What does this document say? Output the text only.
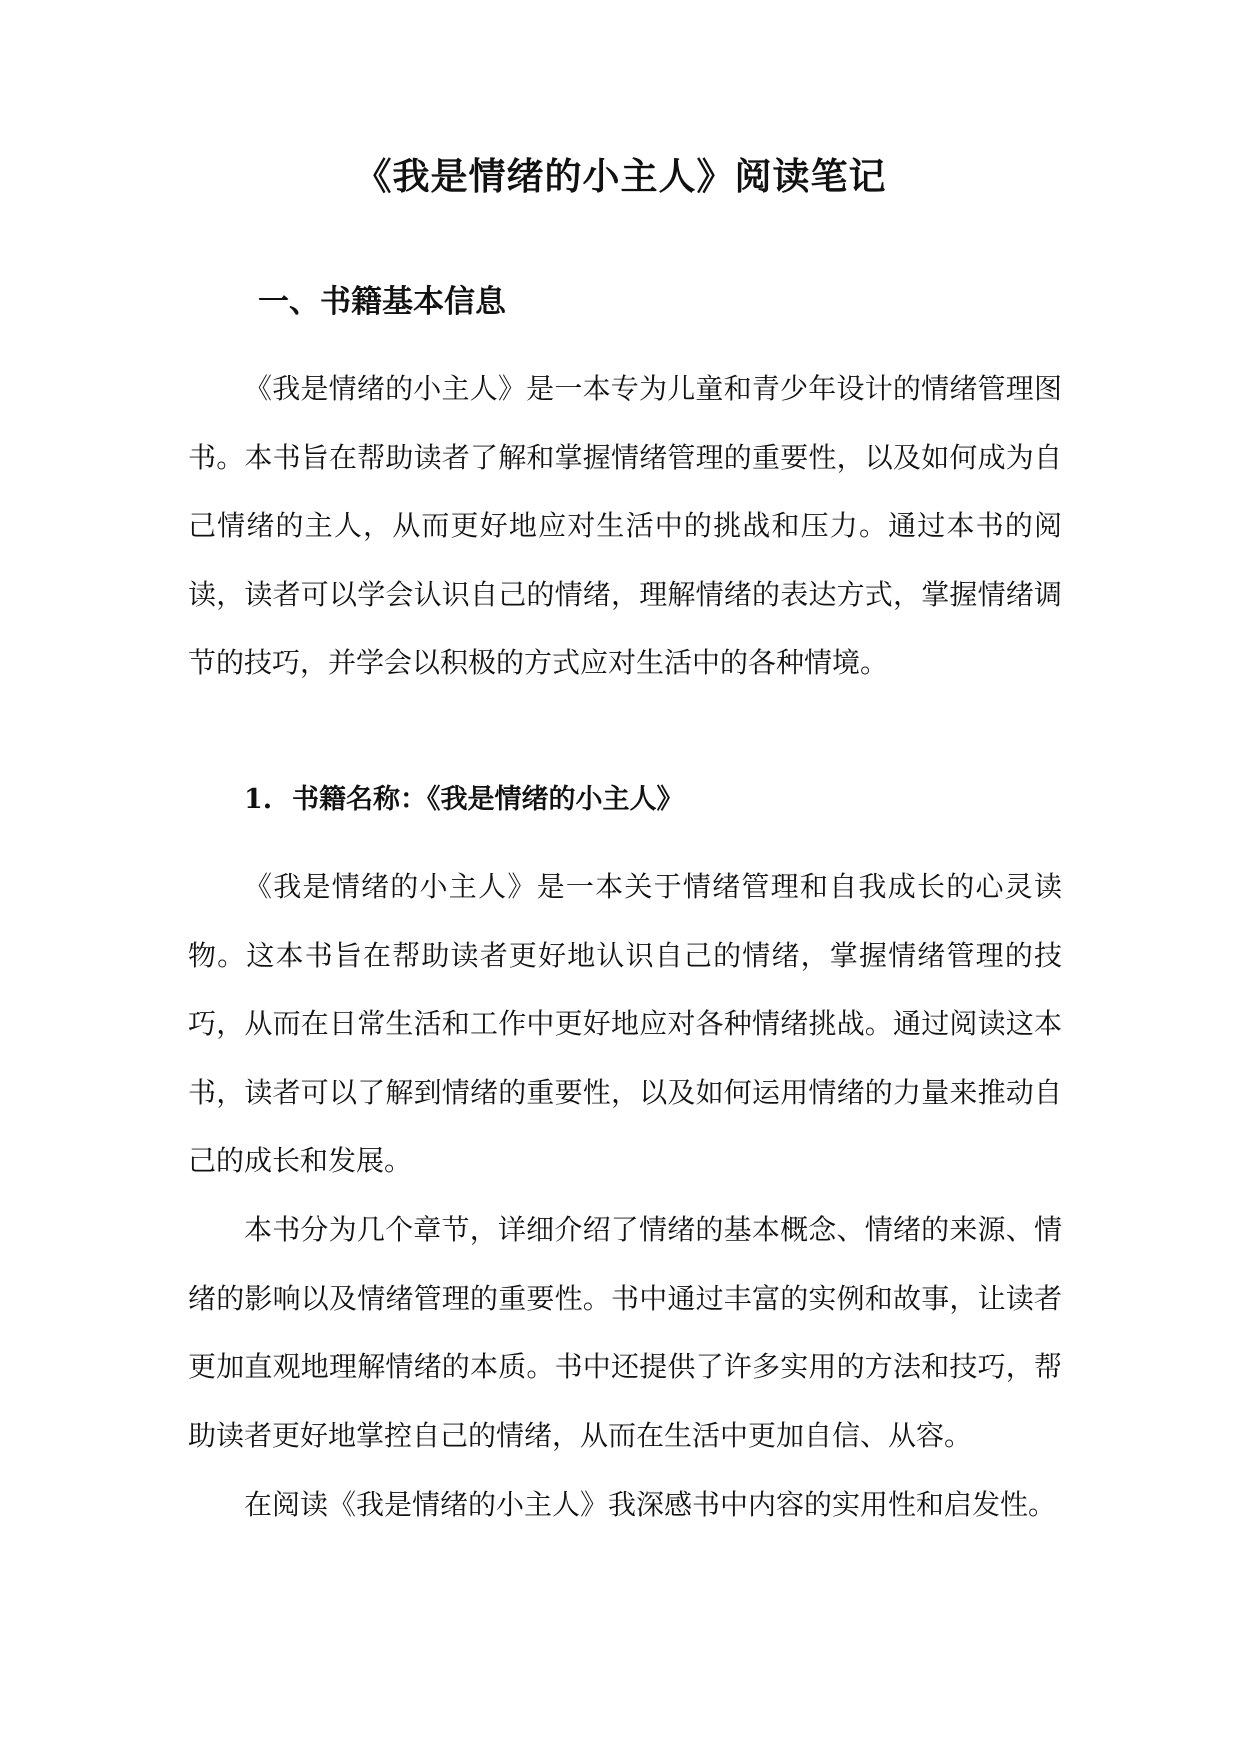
《我是情绪的小主人》阅读笔记
一、书籍基本信息

《我是情绪的小主人》是一本专为儿童和青少年设计的情绪管理图书。本书旨在帮助读者了解和掌握情绪管理的重要性，以及如何成为自己情绪的主人，从而更好地应对生活中的挑战和压力。通过本书的阅读，读者可以学会认识自己的情绪，理解情绪的表达方式，掌握情绪调节的技巧，并学会以积极的方式应对生活中的各种情境。

1. 书籍名称：《我是情绪的小主人》

《我是情绪的小主人》是一本关于情绪管理和自我成长的心灵读物。这本书旨在帮助读者更好地认识自己的情绪，掌握情绪管理的技巧，从而在日常生活和工作中更好地应对各种情绪挑战。通过阅读这本书，读者可以了解到情绪的重要性，以及如何运用情绪的力量来推动自己的成长和发展。

本书分为几个章节，详细介绍了情绪的基本概念、情绪的来源、情绪的影响以及情绪管理的重要性。书中通过丰富的实例和故事，让读者更加直观地理解情绪的本质。书中还提供了许多实用的方法和技巧，帮助读者更好地掌控自己的情绪，从而在生活中更加自信、从容。

在阅读《我是情绪的小主人》我深感书中内容的实用性和启发性。
